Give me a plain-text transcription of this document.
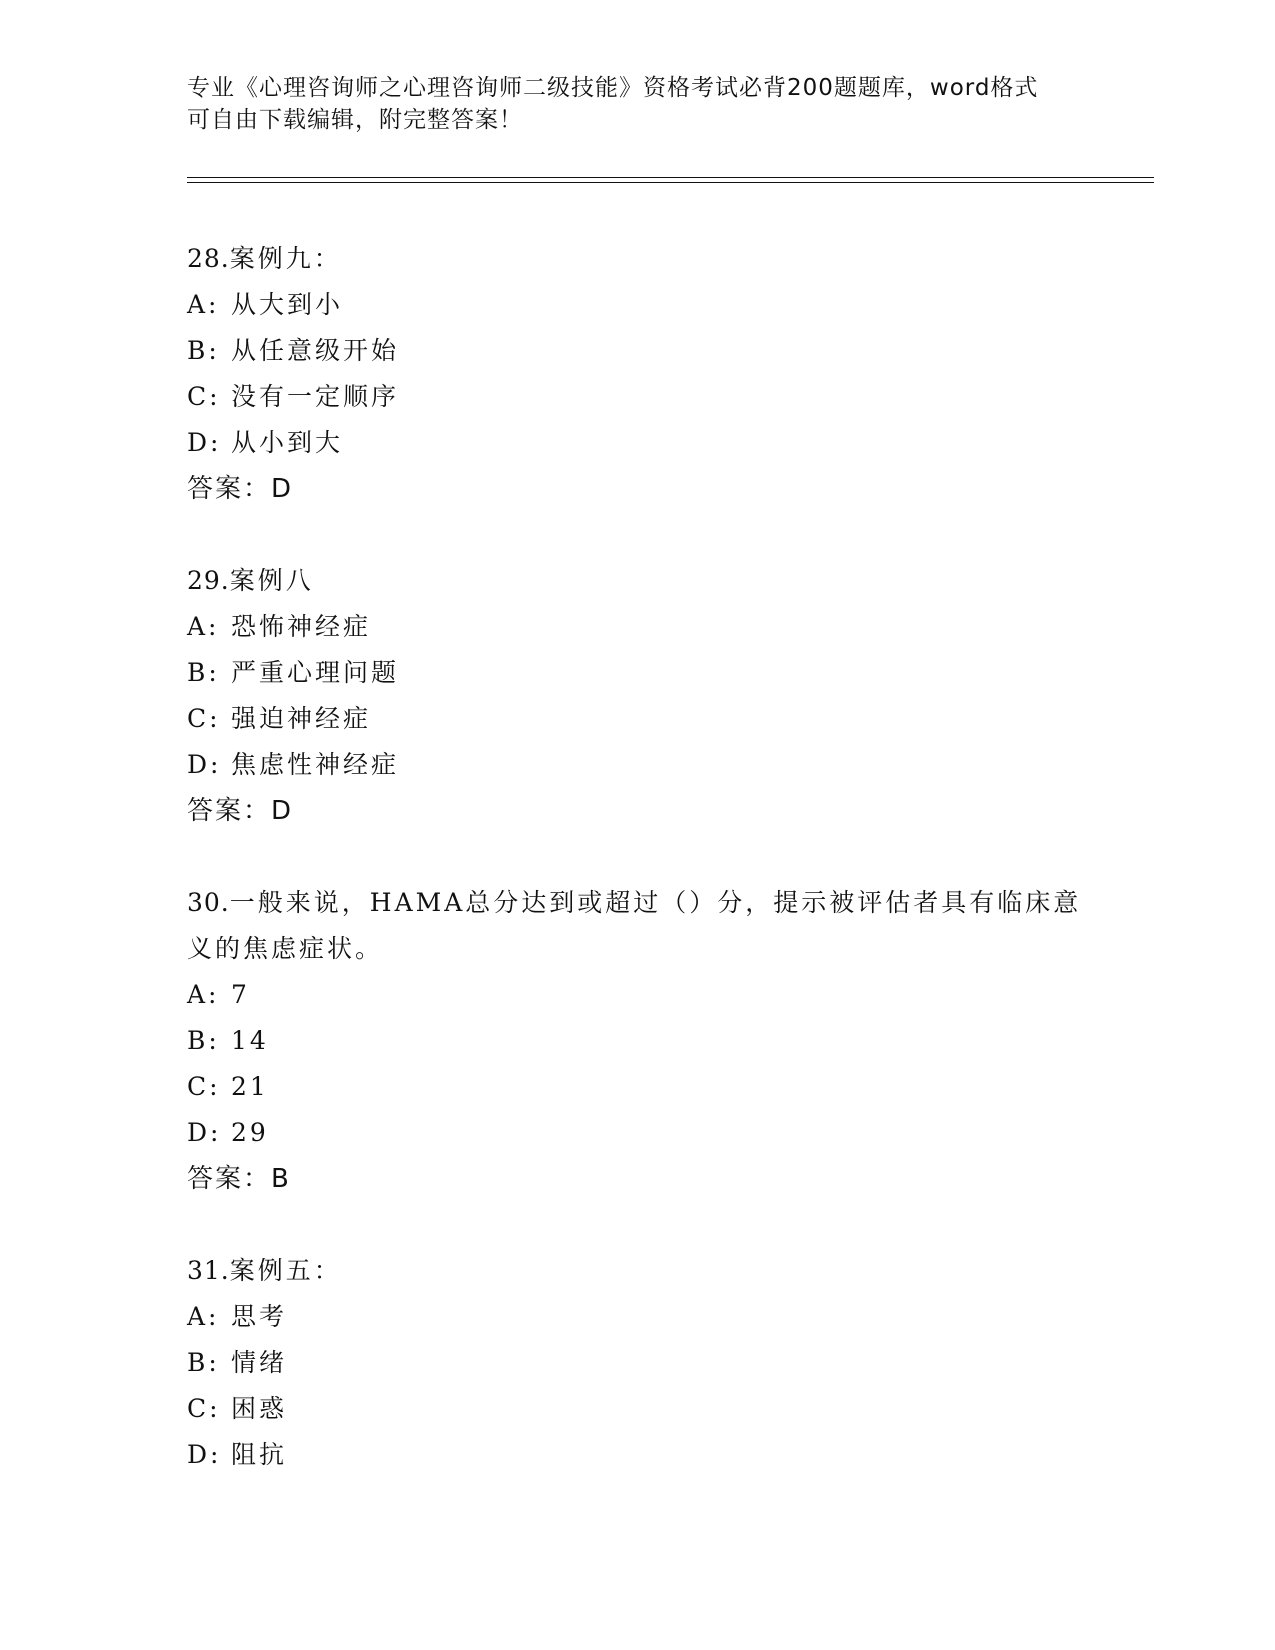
专业《心理咨询师之心理咨询师二级技能》资格考试必背200题题库，word格式
可自由下载编辑，附完整答案！

28.案例九：

A: 从大到小

B: 从任意级开始

C: 没有一定顺序

D: 从小到大

答案：D

29.案例八

A: 恐怖神经症

B: 严重心理问题

C: 强迫神经症

D: 焦虑性神经症

答案：D

30.一般来说，HAMA总分达到或超过（）分，提示被评估者具有临床意

义的焦虑症状。

A: 7

B: 14

C: 21

D: 29

答案：B

31.案例五：

A: 思考

B: 情绪

C: 困惑

D: 阻抗
